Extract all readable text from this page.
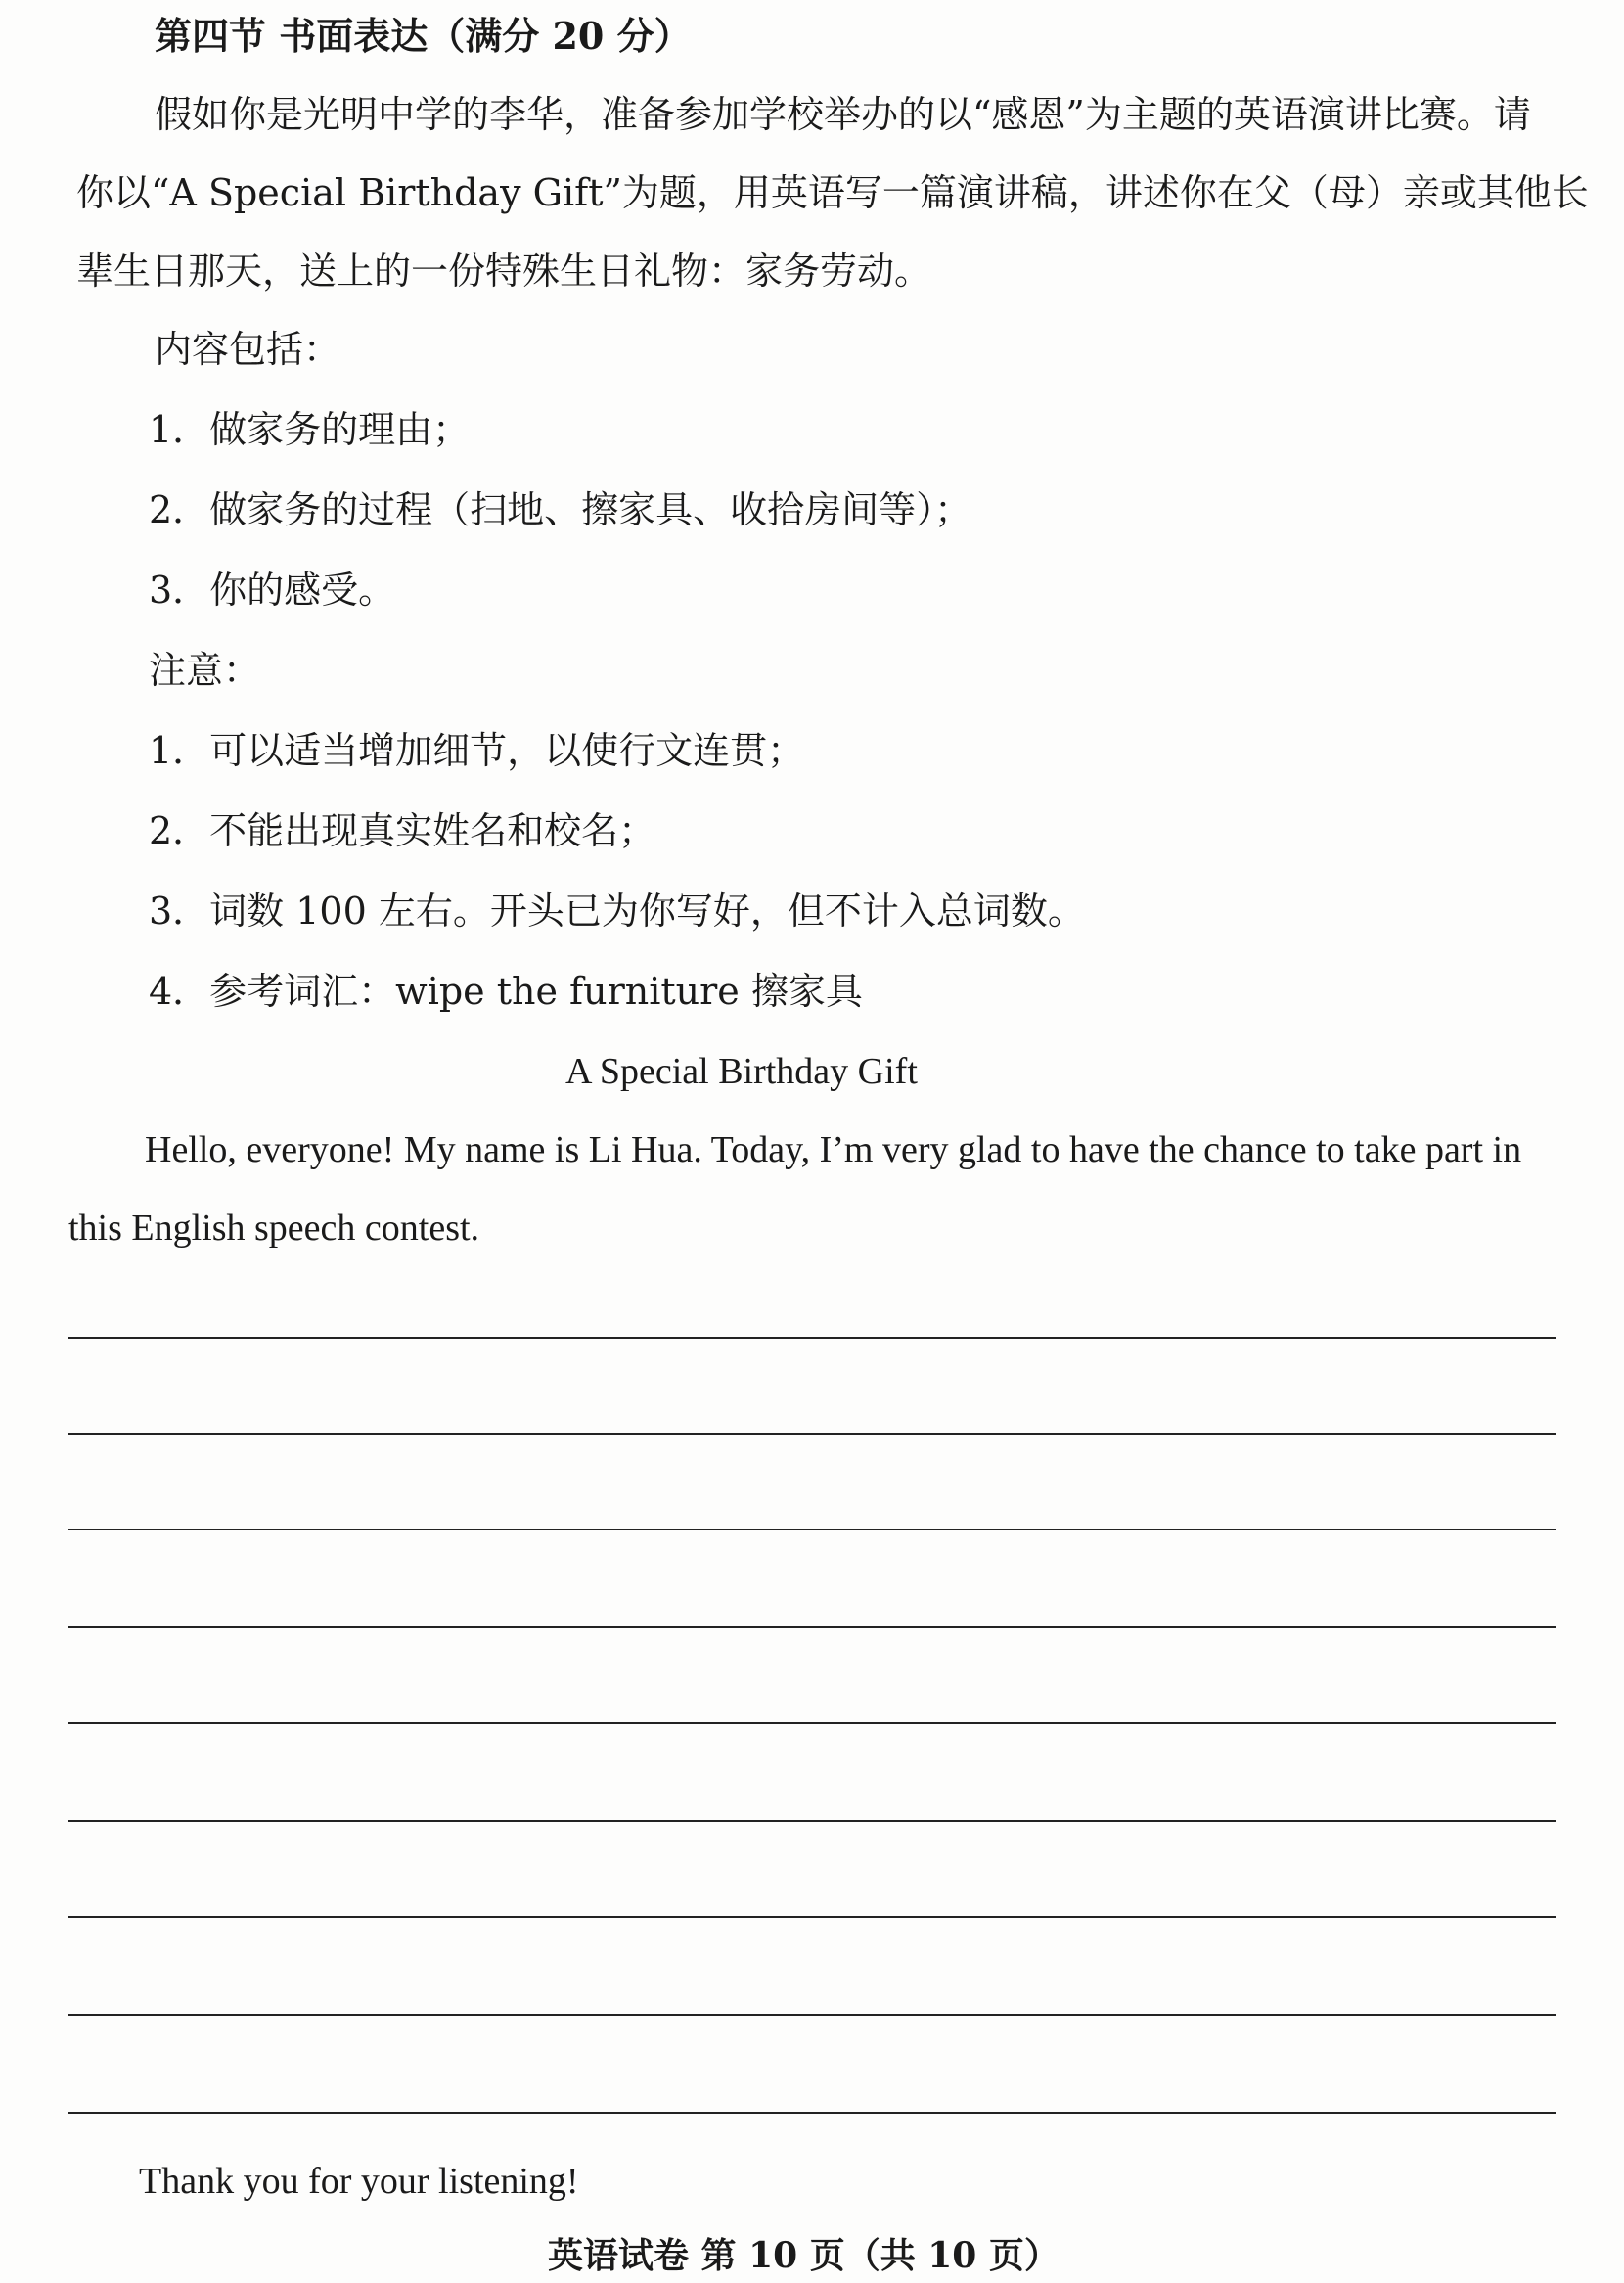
第四节 书面表达（满分 20 分）
假如你是光明中学的李华，准备参加学校举办的以“感恩”为主题的英语演讲比赛。请
你以“A Special Birthday Gift”为题，用英语写一篇演讲稿，讲述你在父（母）亲或其他长
辈生日那天，送上的一份特殊生日礼物：家务劳动。
内容包括：
1．做家务的理由；
2．做家务的过程（扫地、擦家具、收拾房间等）；
3．你的感受。
注意：
1．可以适当增加细节，以使行文连贯；
2．不能出现真实姓名和校名；
3．词数 100 左右。开头已为你写好，但不计入总词数。
4．参考词汇：wipe the furniture 擦家具
A Special Birthday Gift
Hello, everyone! My name is Li Hua. Today, I’m very glad to have the chance to take part in
this English speech contest.
Thank you for your listening!
英语试卷 第 10 页（共 10 页）
